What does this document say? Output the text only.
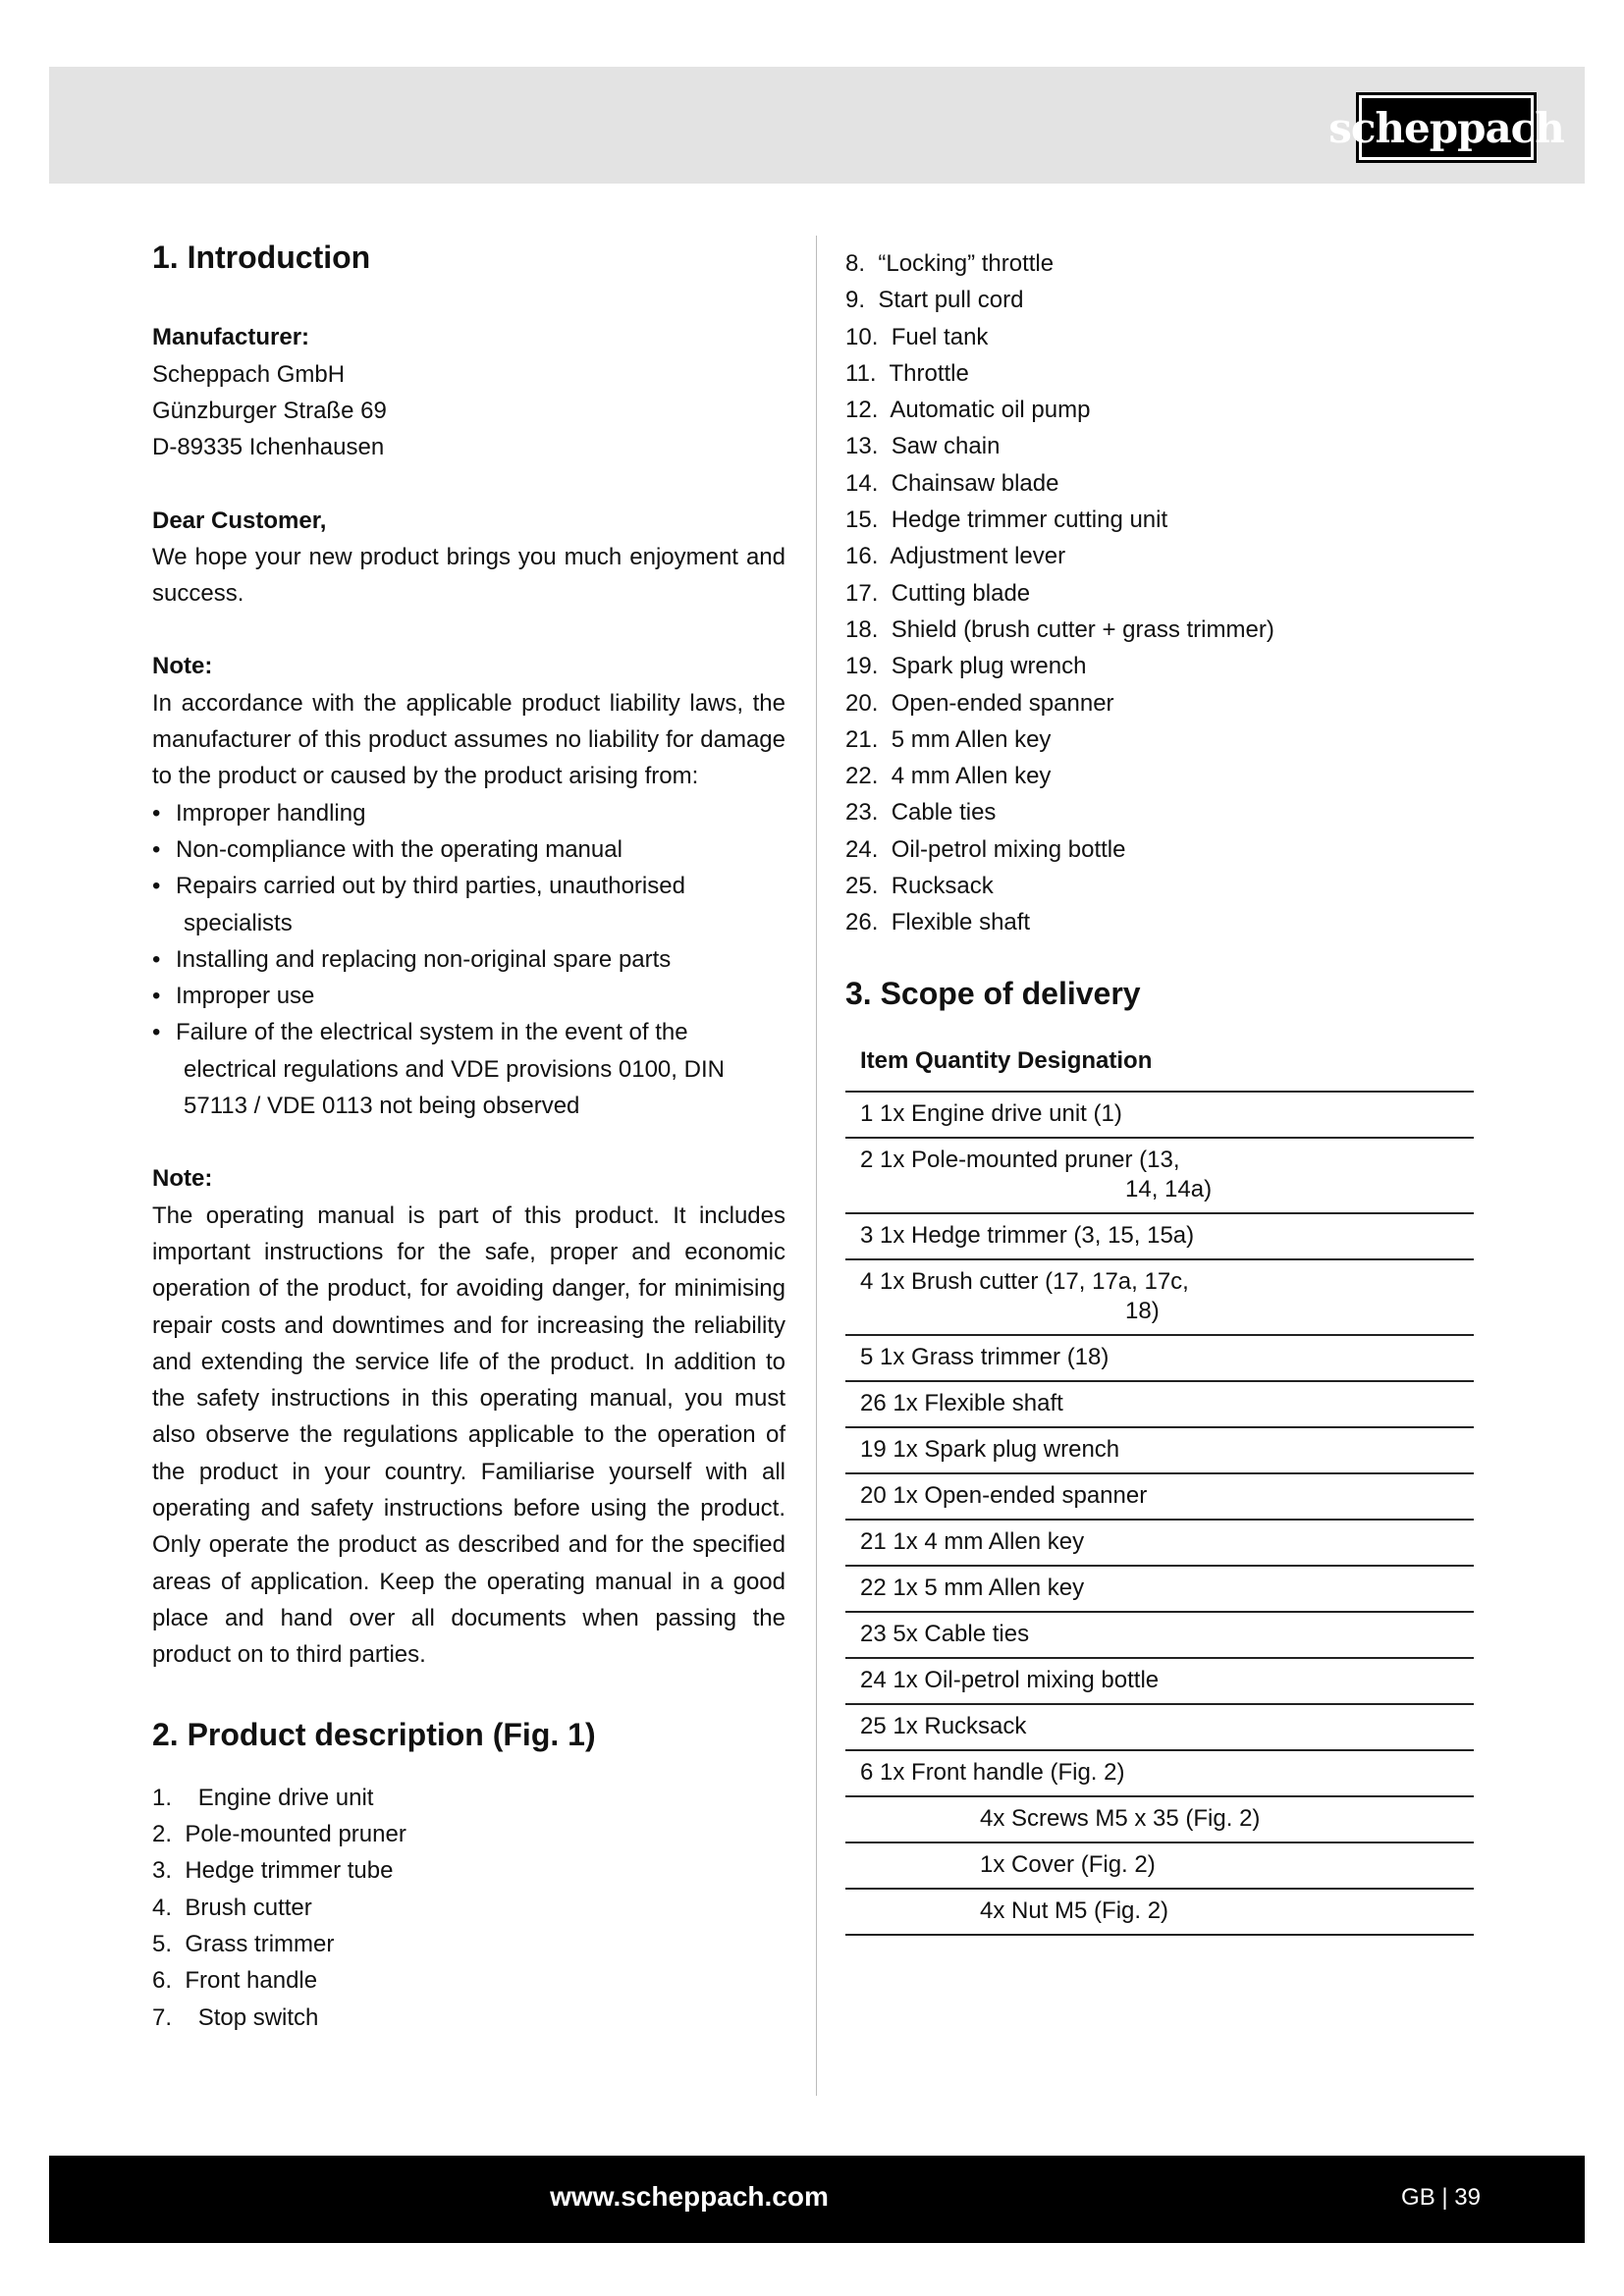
scheppach
1. Introduction

Manufacturer:

Scheppach GmbH

Günzburger Straße 69

D-89335 Ichenhausen

Dear Customer,

We hope your new product brings you much enjoyment and success.

Note:

In accordance with the applicable product liability laws, the manufacturer of this product assumes no liability for damage to the product or caused by the product arising from:

• Improper handling
• Non-compliance with the operating manual
• Repairs carried out by third parties, unauthorised
specialists
• Installing and replacing non-original spare parts
• Improper use
• Failure of the electrical system in the event of the
electrical regulations and VDE provisions 0100, DIN 57113 / VDE 0113 not being observed

Note:

The operating manual is part of this product. It includes important instructions for the safe, proper and economic operation of the product, for avoiding danger, for minimising repair costs and downtimes and for increasing the reliability and extending the service life of the product. In addition to the safety instructions in this operating manual, you must also observe the regulations applicable to the operation of the product in your country. Familiarise yourself with all operating and safety instructions before using the product. Only operate the product as described and for the specified areas of application. Keep the operating manual in a good place and hand over all documents when passing the product on to third parties.

2. Product description (Fig. 1)
1.    Engine drive unit
2.  Pole-mounted pruner
3.  Hedge trimmer tube
4.  Brush cutter
5.  Grass trimmer
6.  Front handle
7.    Stop switch
8.  “Locking” throttle
9.  Start pull cord
10.  Fuel tank
11.  Throttle
12.  Automatic oil pump
13.  Saw chain
14.  Chainsaw blade
15.  Hedge trimmer cutting unit
16.  Adjustment lever
17.  Cutting blade
18.  Shield (brush cutter + grass trimmer)
19.  Spark plug wrench
20.  Open-ended spanner
21.  5 mm Allen key
22.  4 mm Allen key
23.  Cable ties
24.  Oil-petrol mixing bottle
25.  Rucksack
26.  Flexible shaft
3. Scope of delivery
Item Quantity Designation
1 1x Engine drive unit (1)
2 1x Pole-mounted pruner (13,
14, 14a)
3 1x Hedge trimmer (3, 15, 15a)
4 1x Brush cutter (17, 17a, 17c,
18)
5 1x Grass trimmer (18)
26 1x Flexible shaft
19 1x Spark plug wrench
20 1x Open-ended spanner
21 1x 4 mm Allen key
22 1x 5 mm Allen key
23 5x Cable ties
24 1x Oil-petrol mixing bottle
25 1x Rucksack
6 1x Front handle (Fig. 2)
4x Screws M5 x 35 (Fig. 2)
1x Cover (Fig. 2)
4x Nut M5 (Fig. 2)
www.scheppach.com	GB | 39
